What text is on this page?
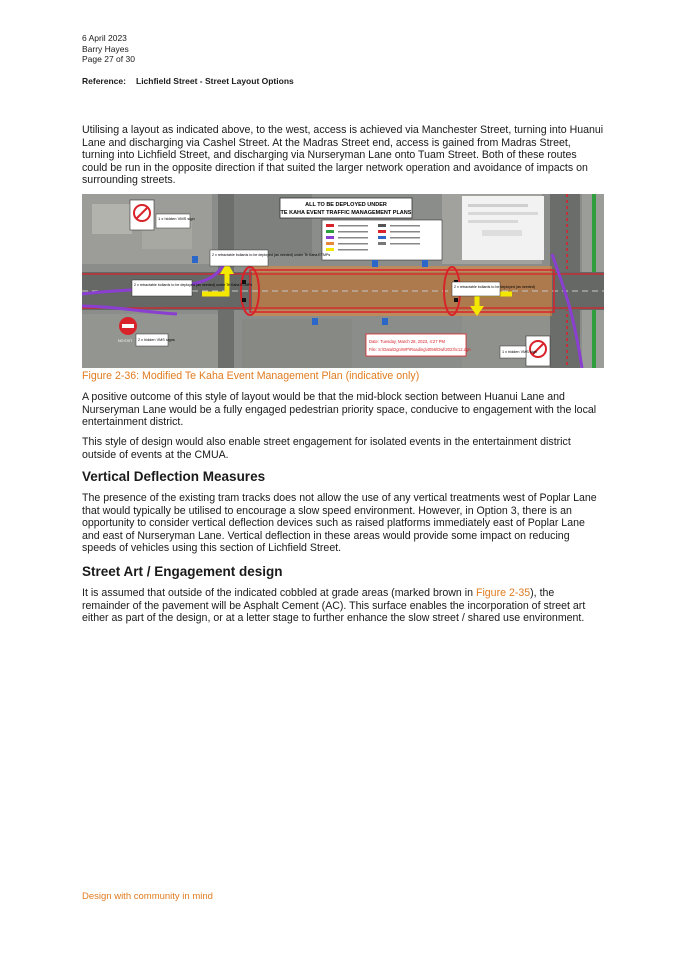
6 April 2023
Barry Hayes
Page 27 of 30
Reference: Lichfield Street - Street Layout Options

Utilising a layout as indicated above, to the west, access is achieved via Manchester Street, turning into Huanui Lane and discharging via Cashel Street. At the Madras Street end, access is gained from Madras Street, turning into Lichfield Street, and discharging via Nurseryman Lane onto Tuam Street. Both of these routes could be run in the opposite direction if that suited the larger network operation and avoidance of impacts on surrounding streets.

ALL TO BE DEPLOYED UNDER
TE KAHA EVENT TRAFFIC MANAGEMENT PLANS
1 x hidden VMS sign
2 x retractable bollards to be deployed (as needed) under Te Kaha ETMPs
2 x retractable bollards to be deployed (as needed) under Te Kaha ETMPs	2 x retractable bollards to be deployed (as needed)
2 x hidden VMS signs
1 x hidden VMS sign
NO EXIT	Date: Tuesday, March 28, 2023, 4:27 PM
File: S:\Data\Dgn\WP\Roading\4056\Dwl\2023\c12.dgn
Figure 2-36: Modified Te Kaha Event Management Plan (indicative only)

A positive outcome of this style of layout would be that the mid-block section between Huanui Lane and Nurseryman Lane would be a fully engaged pedestrian priority space, conducive to engagement with the local entertainment district.

This style of design would also enable street engagement for isolated events in the entertainment district outside of events at the CMUA.

Vertical Deflection Measures

The presence of the existing tram tracks does not allow the use of any vertical treatments west of Poplar Lane that would typically be utilised to encourage a slow speed environment. However, in Option 3, there is an opportunity to consider vertical deflection devices such as raised platforms immediately east of Poplar Lane and east of Nurseryman Lane. Vertical deflection in these areas would provide some impact on reducing speeds of vehicles using this section of Lichfield Street.

Street Art / Engagement design

It is assumed that outside of the indicated cobbled at grade areas (marked brown in Figure 2-35), the remainder of the pavement will be Asphalt Cement (AC). This surface enables the incorporation of street art either as part of the design, or at a letter stage to further enhance the slow street / shared use environment.

Design with community in mind
